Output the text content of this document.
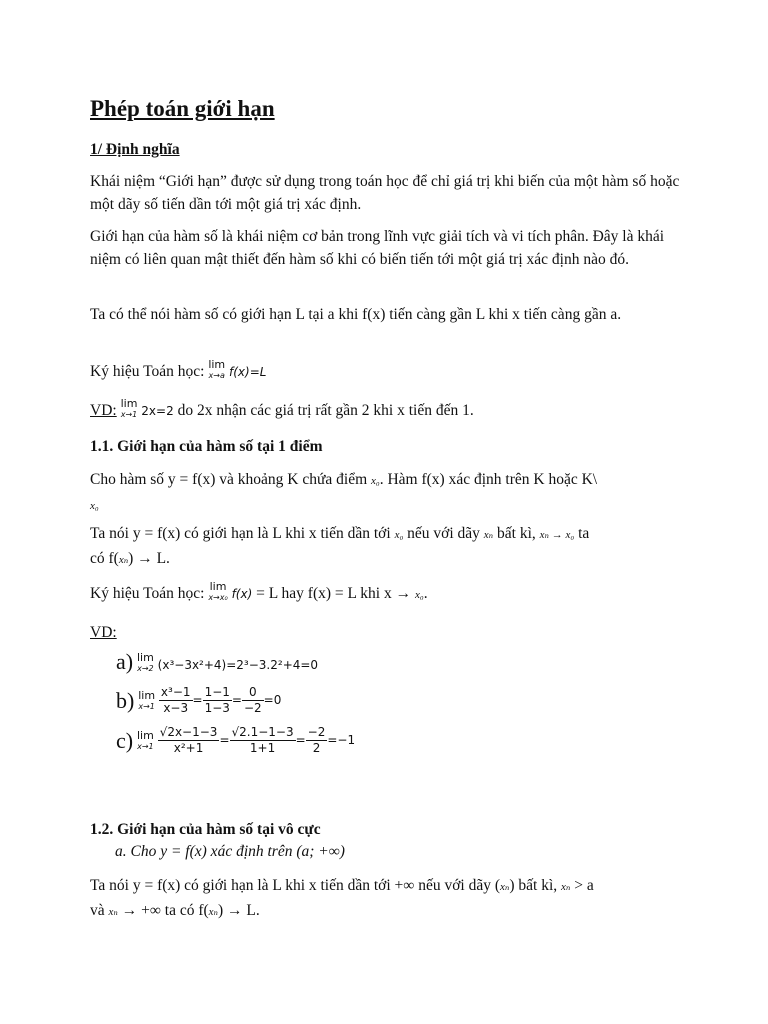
Phép toán giới hạn
1/ Định nghĩa
Khái niệm “Giới hạn” được sử dụng trong toán học để chỉ giá trị khi biến của một hàm số hoặc một dãy số tiến dần tới một giá trị xác định.
Giới hạn của hàm số là khái niệm cơ bản trong lĩnh vực giải tích và vi tích phân. Đây là khái niệm có liên quan mật thiết đến hàm số khi có biến tiến tới một giá trị xác định nào đó.
Ta có thể nói hàm số có giới hạn L tại a khi f(x) tiến càng gần L khi x tiến càng gần a.
Ký hiệu Toán học: lim
x→a f(x)=L
VD: lim
x→1 2x=2 do 2x nhận các giá trị rất gần 2 khi x tiến đến 1.
1.1. Giới hạn của hàm số tại 1 điểm
Cho hàm số y = f(x) và khoảng K chứa điểm x₀. Hàm f(x) xác định trên K hoặc K\
x₀
Ta nói y = f(x) có giới hạn là L khi x tiến dần tới x₀ nếu với dãy xₙ bất kì, xₙ → x₀ ta
có f(xₙ) → L.
Ký hiệu Toán học: lim
x→x₀ f(x) = L hay f(x) = L khi x → x₀.
VD:
a) lim
x→2 (x³−3x²+4)=2³−3.2²+4=0
b) lim
x→1
$\frac{\text{x³−1}}{x-3} = \frac{1-1}{1-3} = \frac{0}{-2} =0$
c) lim
x→1
$\frac{√2x-1-3}{\text{x²+1}} = \frac{√2.1-1-3}{1+1} = \frac{-2}{2} =-1$
1.2. Giới hạn của hàm số tại vô cực
a. Cho y = f(x) xác định trên (a; +∞)
Ta nói y = f(x) có giới hạn là L khi x tiến dần tới +∞ nếu với dãy (xₙ) bất kì, xₙ > a
và xₙ → +∞ ta có f(xₙ) → L.
